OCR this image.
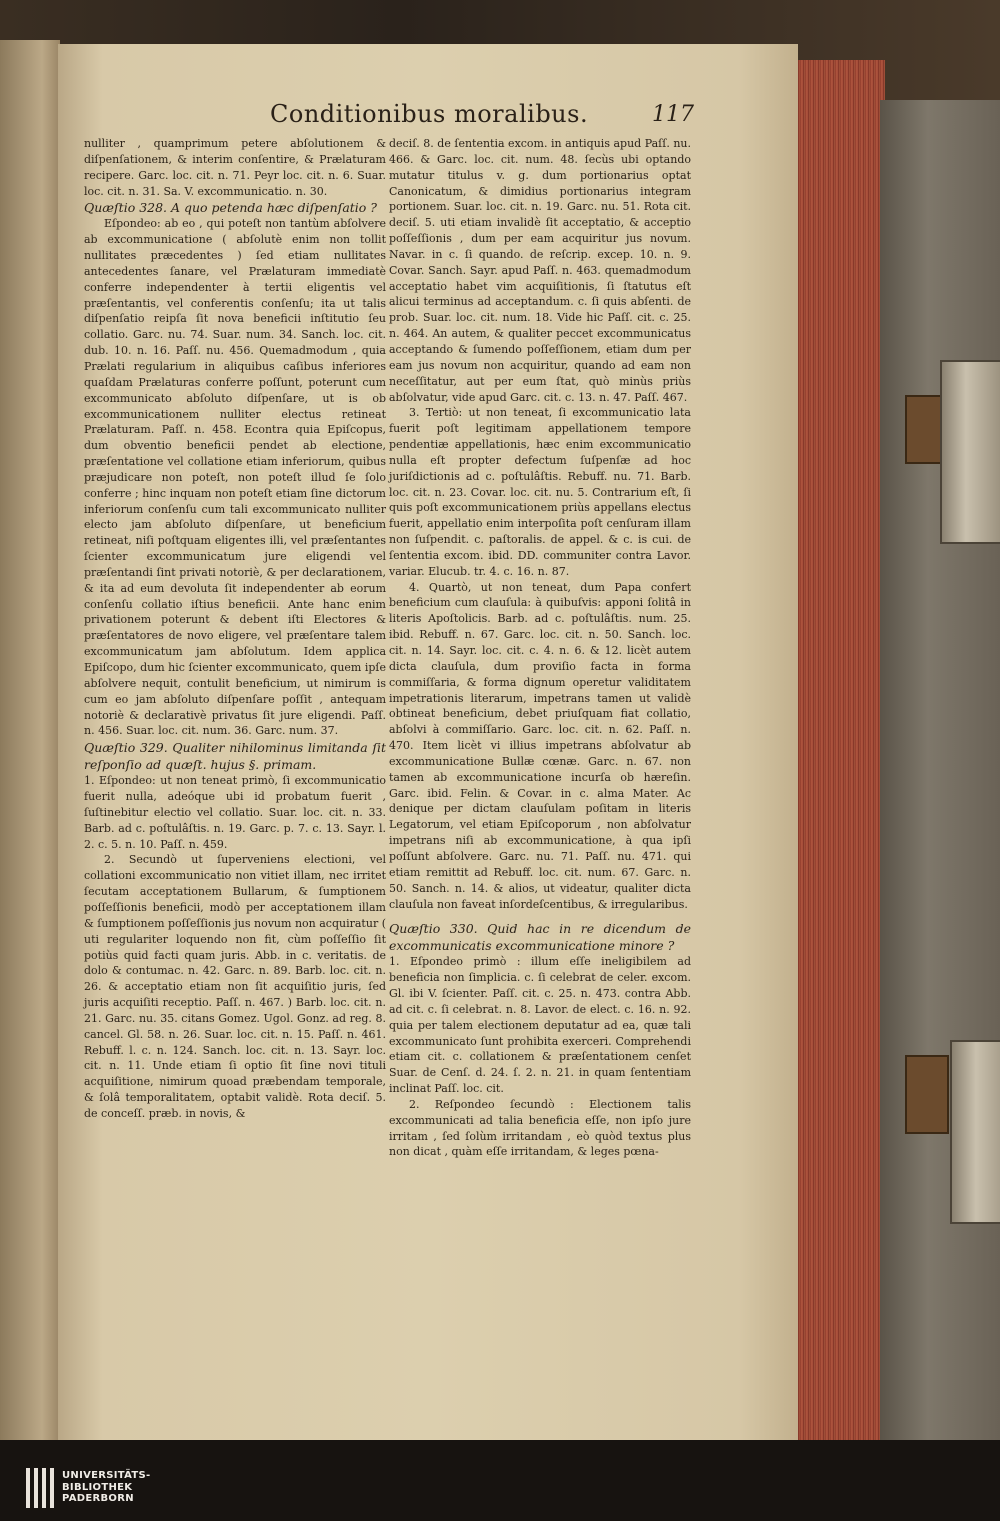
Conditionibus moralibus.	117

nulliter , quamprimum petere abſolutionem & diſpenſationem, & interim conſentire, & Prælaturam recipere. Garc. loc. cit. n. 71. Peyr loc. cit. n. 6. Suar. loc. cit. n. 31. Sa. V. excommunicatio. n. 30.

Quæſtio 328. A quo petenda hæc diſpenſatio ?

Eſpondeo: ab eo , qui poteſt non tantùm abſolvere ab excommunicatione ( abſolutè enim non tollit nullitates præcedentes ) ſed etiam nullitates antecedentes ſanare, vel Prælaturam immediatè conferre independenter à tertii eligentis vel præſentantis, vel conferentis conſenſu; ita ut talis diſpenſatio reipſa ſit nova beneficii inſtitutio ſeu collatio. Garc. nu. 74. Suar. num. 34. Sanch. loc. cit. dub. 10. n. 16. Paſſ. nu. 456. Quemadmodum , quia Prælati regularium in aliquibus caſibus inferiores quaſdam Prælaturas conferre poſſunt, poterunt cum excommunicato abſoluto diſpenſare, ut is ob excommunicationem nulliter electus retineat Prælaturam. Paſſ. n. 458. Econtra quia Epiſcopus, dum obventio beneficii pendet ab electione, præſentatione vel collatione etiam inferiorum, quibus præjudicare non poteſt, non poteſt illud ſe ſolo conferre ; hinc inquam non poteſt etiam ſine dictorum inferiorum conſenſu cum tali excommunicato nulliter electo jam abſoluto diſpenſare, ut beneficium retineat, niſi poſtquam eligentes illi, vel præſentantes ſcienter excommunicatum jure eligendi vel præſentandi ſint privati notoriè, & per declarationem, & ita ad eum devoluta ſit independenter ab eorum conſenſu collatio iſtius beneficii. Ante hanc enim privationem poterunt & debent iſti Electores & præſentatores de novo eligere, vel præſentare talem excommunicatum jam abſolutum. Idem applica Epiſcopo, dum hic ſcienter excommunicato, quem ipſe abſolvere nequit, contulit beneficium, ut nimirum is cum eo jam abſoluto diſpenſare poſſit , antequam notoriè & declarativè privatus ſit jure eligendi. Paſſ. n. 456. Suar. loc. cit. num. 36. Garc. num. 37.

Quæſtio 329. Qualiter nihilominus limitanda ſit reſponſio ad quæſt. hujus §. primam.

1. Eſpondeo: ut non teneat primò, ſi excommunicatio fuerit nulla, adeóque ubi id probatum fuerit , ſuſtinebitur electio vel collatio. Suar. loc. cit. n. 33. Barb. ad c. poſtulâſtis. n. 19. Garc. p. 7. c. 13. Sayr. l. 2. c. 5. n. 10. Paſſ. n. 459.

2. Secundò ut ſuperveniens electioni, vel collationi excommunicatio non vitiet illam, nec irritet ſecutam acceptationem Bullarum, & ſumptionem poſſeſſionis beneficii, modò per acceptationem illam & ſumptionem poſſeſſionis jus novum non acquiratur ( uti regulariter loquendo non fit, cùm poſſeſſio ſit potiùs quid facti quam juris. Abb. in c. veritatis. de dolo & contumac. n. 42. Garc. n. 89. Barb. loc. cit. n. 26. & acceptatio etiam non ſit acquiſitio juris, ſed juris acquiſiti receptio. Paſſ. n. 467. ) Barb. loc. cit. n. 21. Garc. nu. 35. citans Gomez. Ugol. Gonz. ad reg. 8. cancel. Gl. 58. n. 26. Suar. loc. cit. n. 15. Paſſ. n. 461. Rebuff. l. c. n. 124. Sanch. loc. cit. n. 13. Sayr. loc. cit. n. 11. Unde etiam ſi optio ſit ſine novi tituli acquiſitione, nimirum quoad præbendam temporale, & ſolâ temporalitatem, optabit validè. Rota deciſ. 5. de conceſſ. præb. in novis, &

deciſ. 8. de ſententia excom. in antiquis apud Paſſ. nu. 466. & Garc. loc. cit. num. 48. ſecùs ubi optando mutatur titulus v. g. dum portionarius optat Canonicatum, & dimidius portionarius integram portionem. Suar. loc. cit. n. 19. Garc. nu. 51. Rota cit. deciſ. 5. uti etiam invalidè ſit acceptatio, & acceptio poſſeſſionis , dum per eam acquiritur jus novum. Navar. in c. ſi quando. de reſcrip. excep. 10. n. 9. Covar. Sanch. Sayr. apud Paſſ. n. 463. quemadmodum acceptatio habet vim acquiſitionis, ſi ſtatutus eſt alicui terminus ad acceptandum. c. ſi quis abſenti. de prob. Suar. loc. cit. num. 18. Vide hic Paſſ. cit. c. 25. n. 464. An autem, & qualiter peccet excommunicatus acceptando & ſumendo poſſeſſionem, etiam dum per eam jus novum non acquiritur, quando ad eam non neceſſitatur, aut per eum ſtat, quò minùs priùs abſolvatur, vide apud Garc. cit. c. 13. n. 47. Paſſ. 467.

3. Tertiò: ut non teneat, ſi excommunicatio lata fuerit poſt legitimam appellationem tempore pendentiæ appellationis, hæc enim excommunicatio nulla eſt propter defectum ſuſpenſæ ad hoc juriſdictionis ad c. poſtulâſtis. Rebuff. nu. 71. Barb. loc. cit. n. 23. Covar. loc. cit. nu. 5. Contrarium eſt, ſi quis poſt excommunicationem priùs appellans electus fuerit, appellatio enim interpoſita poſt cenſuram illam non ſuſpendit. c. paſtoralis. de appel. & c. is cui. de ſententia excom. ibid. DD. communiter contra Lavor. variar. Elucub. tr. 4. c. 16. n. 87.

4. Quartò, ut non teneat, dum Papa confert beneficium cum clauſula: à quibuſvis: apponi ſolitâ in literis Apoſtolicis. Barb. ad c. poſtulâſtis. num. 25. ibid. Rebuff. n. 67. Garc. loc. cit. n. 50. Sanch. loc. cit. n. 14. Sayr. loc. cit. c. 4. n. 6. & 12. licèt autem dicta clauſula, dum proviſio facta in forma commiſſaria, & forma dignum operetur validitatem impetrationis literarum, impetrans tamen ut validè obtineat beneficium, debet priuſquam fiat collatio, abſolvi à commiſſario. Garc. loc. cit. n. 62. Paſſ. n. 470. Item licèt vi illius impetrans abſolvatur ab excommunicatione Bullæ cœnæ. Garc. n. 67. non tamen ab excommunicatione incurſa ob hæreſin. Garc. ibid. Felin. & Covar. in c. alma Mater. Ac denique per dictam clauſulam poſitam in literis Legatorum, vel etiam Epiſcoporum , non abſolvatur impetrans niſi ab excommunicatione, à qua ipſi poſſunt abſolvere. Garc. nu. 71. Paſſ. nu. 471. qui etiam remittit ad Rebuff. loc. cit. num. 67. Garc. n. 50. Sanch. n. 14. & alios, ut videatur, qualiter dicta clauſula non faveat inſordeſcentibus, & irregularibus.

Quæſtio 330. Quid hac in re dicendum de excommunicatis excommunicatione minore ?

1. Eſpondeo primò : illum eſſe ineligibilem ad beneficia non ſimplicia. c. ſi celebrat de celer. excom. Gl. ibi V. ſcienter. Paſſ. cit. c. 25. n. 473. contra Abb. ad cit. c. ſi celebrat. n. 8. Lavor. de elect. c. 16. n. 92. quia per talem electionem deputatur ad ea, quæ tali excommunicato ſunt prohibita exerceri. Comprehendi etiam cit. c. collationem & præſentationem cenſet Suar. de Cenſ. d. 24. ſ. 2. n. 21. in quam ſententiam inclinat Paſſ. loc. cit.

2. Reſpondeo ſecundò : Electionem talis excommunicati ad talia beneficia eſſe, non ipſo jure irritam , ſed ſolùm irritandam , eò quòd textus plus non dicat , quàm eſſe irritandam, & leges pœna-

UNIVERSITÄTS-
BIBLIOTHEK
PADERBORN
